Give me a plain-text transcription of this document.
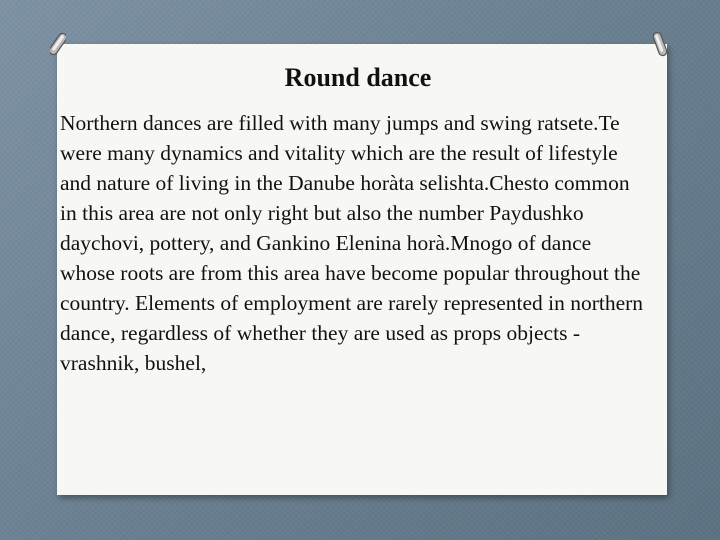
Round dance

Northern dances are filled with many jumps and swing ratsete.Te were many dynamics and vitality which are the result of lifestyle and nature of living in the Danube horàta selishta.Chesto common in this area are not only right but also the number Paydushko daychovi, pottery, and Gankino Elenina horà.Mnogo of dance whose roots are from this area have become popular throughout the country. Elements of employment are rarely represented in northern dance, regardless of whether they are used as props objects - vrashnik, bushel,
